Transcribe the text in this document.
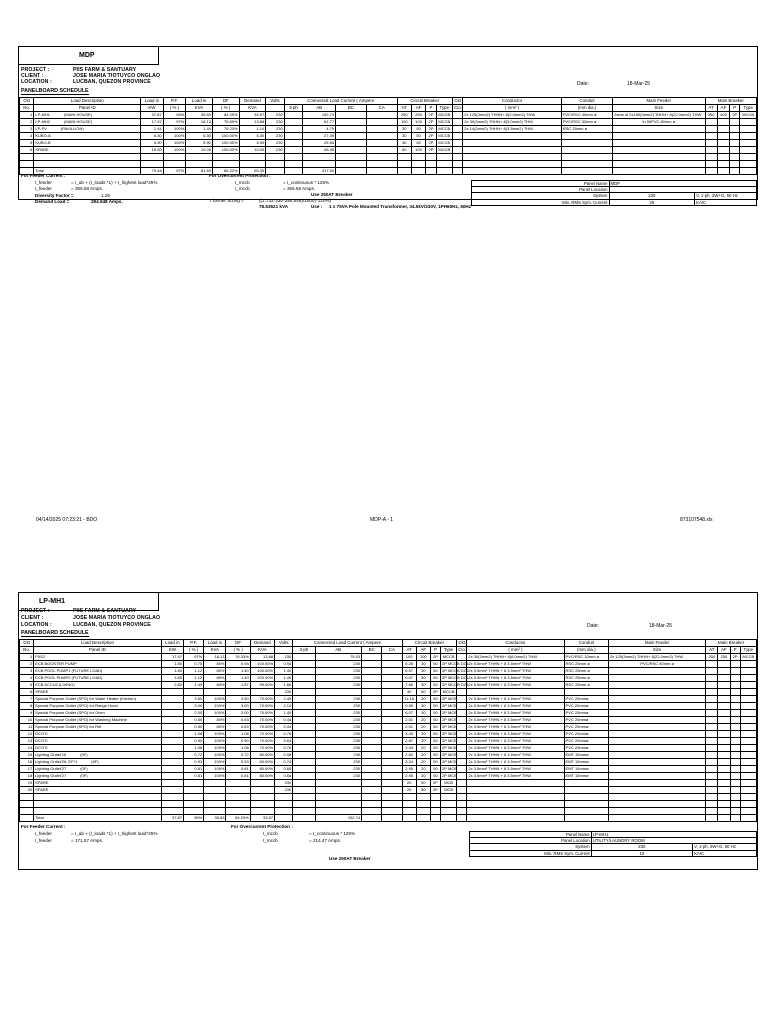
MDP
PROJECT :	PIIS FARM & SANTUARY
CLIENT :	JOSE MARIA TIOTUYCO ONGLAO
LOCATION :	LUCBAN, QUEZON PROVINCE	Date:	18-Mar-25
PANELBOARD SCHEDULE
Ckt	Load Description	Load in	P.F.	Load in	DF	Demand	Volts	Connected Load Current ( Ampere				Circuit Breaker				Ckt	Conductor	Conduit	Main Feeder	Main Breaker			
No.	Panel ID	KW	( % )	KVA	( % )	KVA		3-ph	AB	BC	CA	AT	AF	P	Type	Cio.	( mm² )	(mm dia.)	Size	AT	AF	P	Type
1	LP-MH1 (MAIN HOUSE)	37.87	95%	39.83	84.29%	33.57	230		152.74			250	250	2P	MCCB		2x 125(3mm2) THHN+ 8(2.0mm2) THW	PVC/RSC 40mm ø	2sets of 2x150(3mm2) THHN+ 8(22.0mm2) THW	350	400	2P	MCCB
2	LP-MH2 (MAIN HOUSE)	17.97	97%	18.13	75.69%	13.88	230		61.77			100	100	2P	MCCB		2x 30(3mm2) THHN+ 8(3.0mm2) THW	PVC/RSC 32mm ø	in 50PVC 80mm ø				
3	LP-PV (PAVILLION)	1.44	100%	1.44	76.23%	1.10	230		4.79			30	50	2P	MCCB		2x 14(3mm2) THHN+ 8(3.5mm2) THW	RSC 25mm ø					
4	KUBO-A	6.30	100%	6.30	100.00%	6.30	230		27.39			30	50	2P	MCCB								
5	KUBO-B	5.90	100%	5.90	100.00%	5.90	230		25.65			30	50	2P	MCCB								
6	SPARE	10.00	100%	10.00	100.00%	10.00	230		45.45			60	100	2P	MCCB								

	Total	79.48	97%	81.60	86.22%	69.35			317.50														
For Feeder Current :
I_feeder	= I_ab + (I_loads *1) + I_highest load*25%
I_feeder	= 355.68 Amps.
Diversity Factor =	1.25
Demand Load =	284.548 Amps.
For Overcurrent Protection :
I_mccb	= I_continuous * 125%
I_mccb	= 355.68 Amps.
Use 250AT Breaker
T'former Sizing =	((1.732*230*284.548)/1000)*120%)
78.53521 kVA	Use : 1 x 75VA Pole Mounted Transformer, 34.5kV/230V, 1PH60Hz, 60Hz
Panel Name	MDP	
Panel Location		
System	230	V, 1-ph, 2W+G, 60 Hz
Min. RMS Sym. Current	25	KAIC
04/14/2025 07:23:21 - BDO	MDP-A - 1	873107548.xls
LP-MH1
PROJECT :	PIIS FARM & SANTUARY
CLIENT :	JOSE MARIA TIOTUYCO ONGLAO
LOCATION :	LUCBAN, QUEZON PROVINCE	Date:	18-Mar-25
PANELBOARD SCHEDULE
Ckt	Load Description	Load in	P.F.	Load in	DF	Demand	Volts	Connected Load Current ( Ampere				Circuit Breaker				Ckt	Conductor	Conduit	Main Feeder	Main Breaker			
No.	Panel ID	KW	( % )	KVA	( % )	KVA		3-ph	AB	BC	CA	AT	AF	P	Type	Cio.	( mm² )	(mm dia.)	Size	AT	AF	P	Type
1	PIIS2	17.97	97%	18.13	76.33%	13.88	230		75.53			100	100	2P	MCCB		2x 30(3mm2) THHN+ 8(6.0mm2) THW	PVC/RSC 32mm ø	2x 125(3mm2) THHN+ 8(22.0mm2) THW	250	250	2P	MCCB
2	ECB BOOSTER PUMP	1.80	0.75	80%	0.94	100.00%	0.94		230			5.28	30	50	2P MCCB DOL		2x 5.5mm² THHN + 8 3.5mm² THW	RSC 25mm ø	PVC/RSC 40mm ø				
3	ECB POOL PUMP1 (FUTURE LOAD)	1.80	1.12	80%	1.40	100.00%	1.40		230			6.07	30	50	2P MCCB DOL		2x 5.5mm² THHN + 8 3.5mm² THW	RSC 25mm ø					
4	ECB POOL PUMP2 (FUTURE LOAD)	1.80	1.12	80%	1.40	100.00%	1.40		230			6.07	30	50	2P MCCB DOL		2x 5.5mm² THHN + 8 3.5mm² THW	RSC 25mm ø					
5	ECB ACCU2 (LIVING)	2.80	1.49	80%	1.87	99.00%	1.66		230			7.66	30	50	2P MCCB DOL		2x 5.5mm² THHN + 8 3.5mm² THW	RSC 25mm ø					
6	SPARE						230					30	50	2P	MCCB								
7	Special Purpose Outlet (SPO) for Water Heater (Kitchen)		3.50	100%	3.50	70.00%	2.45		230			11.16	30	50	2P MCB		2x 5.5mm² THHN + 8 3.5mm² THW	PVC 20mmø					
8	Special Purpose Outlet (SPO) for Range Hood		3.00	100%	3.00	70.00%	2.10		230			9.55	30	50	2P MCB		2x 5.5mm² THHN + 8 3.5mm² THW	PVC 20mmø					
9	Special Purpose Outlet (SPO) for Oven		2.00	100%	2.00	70.00%	1.40		230			6.07	30	50	2P MCB		2x 5.5mm² THHN + 8 3.5mm² THW	PVC 20mmø					
10	Special Purpose Outlet (SPO) for Washing Machine		0.50	80%	0.63	70.00%	0.44		230			2.01	20	50	2P MCB		2x 3.5mm² THHN + 8 3.5mm² THW	PVC 20mmø					
11	Special Purpose Outlet (SPO) for Ref		0.50	80%	0.63	70.00%	0.44		230			2.01	20	50	2P MCB		2x 3.5mm² THHN + 8 3.5mm² THW	PVC 20mmø					
12	DCO'S		1.08	100%	1.08	70.00%	0.76		230			3.43	20	50	2P MCB		2x 3.5mm² THHN + 8 3.5mm² THW	PVC 20mmø					
13	DCO'S		0.90	100%	0.90	70.00%	0.63		230			2.87	20	50	2P MCB		2x 3.5mm² THHN + 8 3.5mm² THW	PVC 20mmø					
14	DCO'S		1.08	100%	1.08	70.00%	0.76		230			3.43	20	50	2P MCB		2x 3.5mm² THHN + 8 3.5mm² THW	PVC 20mmø					
15	Lighting Outlet'16 (0F)		0.72	100%	0.72	80.00%	0.58		230			2.62	20	50	2P MCB		2x 3.5mm² THHN + 8 3.5mm² THW	EMT 15mmø					
16	Lighting Outlet'26, EF*1 (0F)		0.93	100%	0.93	80.00%	0.74		230			3.24	20	50	2P MCB		2x 3.5mm² THHN + 8 3.5mm² THW	EMT 15mmø					
17	Lighting Outlet'27 (0F)		0.81	100%	0.81	80.00%	0.65		230			2.95	20	50	2P MCB		2x 3.5mm² THHN + 8 3.5mm² THW	EMT 15mmø					
18	Lighting Outlet'27 (0F)		0.81	100%	0.81	80.00%	0.65		230			2.95	20	50	2P MCB		2x 3.5mm² THHN + 8 3.5mm² THW	EMT 15mmø					
19	SPARE						230					20	50	2P	MCB								
20	SPARE						230					20	50	2P	MCB								

	Total	37.87	95%	39.83	84.29%	33.57			152.74														
For Feeder Current :
I_feeder	= I_ab + (I_loads *1) + I_highest load*25%
I_feeder	= 171.57 Amps.
For Overcurrent Protection :
I_mccb	= I_continuous * 125%
I_mccb	= 214.47 Amps.
Use 250AT Breaker
Panel Name	LP-MH1	
Panel Location	UTILITY/LAUNDRY ROOM	
System	230	V, 1-ph, 2W+G, 60 Hz
Min. RMS Sym. Current	10	KAIC
